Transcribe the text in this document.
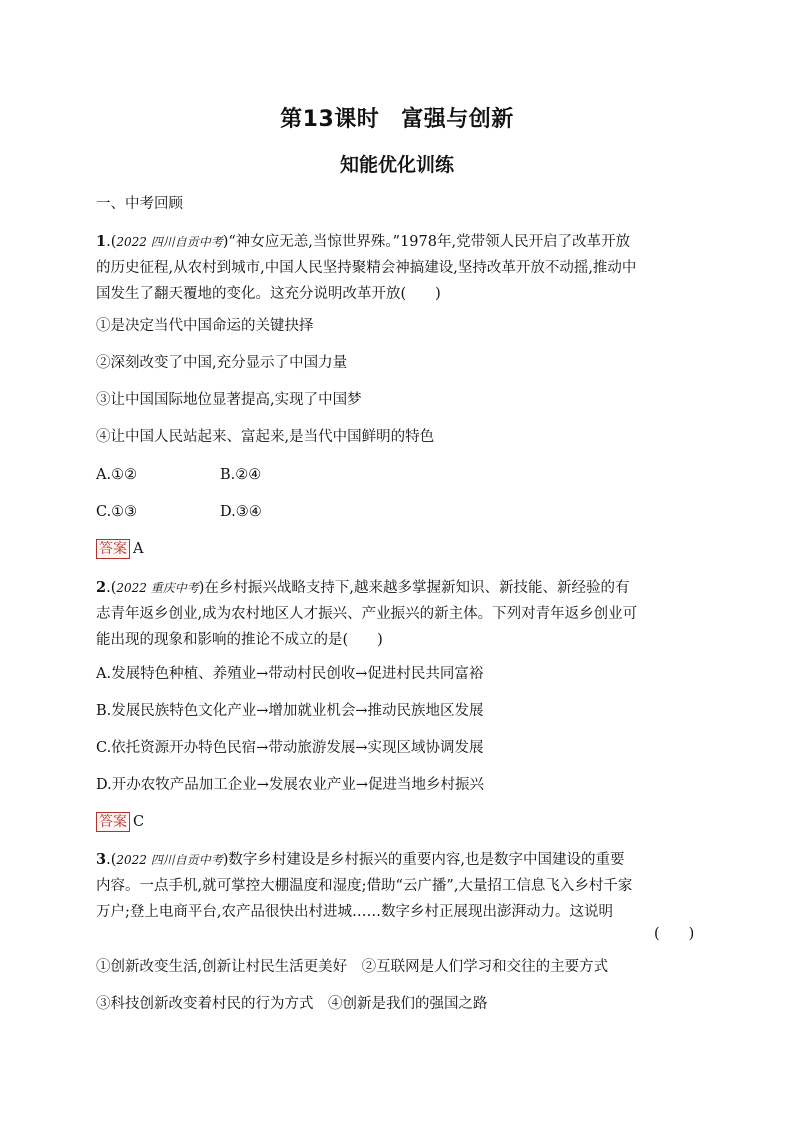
第13课时 富强与创新
知能优化训练
一、中考回顾
1.(2022 四川自贡中考)“神女应无恙,当惊世界殊。”1978年,党带领人民开启了改革开放
的历史征程,从农村到城市,中国人民坚持聚精会神搞建设,坚持改革开放不动摇,推动中
国发生了翻天覆地的变化。这充分说明改革开放(　　)
①是决定当代中国命运的关键抉择
②深刻改变了中国,充分显示了中国力量
③让中国国际地位显著提高,实现了中国梦
④让中国人民站起来、富起来,是当代中国鲜明的特色
A.①②	B.②④
C.①③	D.③④
答案 A
2.(2022 重庆中考)在乡村振兴战略支持下,越来越多掌握新知识、新技能、新经验的有
志青年返乡创业,成为农村地区人才振兴、产业振兴的新主体。下列对青年返乡创业可
能出现的现象和影响的推论不成立的是(　　)
A.发展特色种植、养殖业→带动村民创收→促进村民共同富裕
B.发展民族特色文化产业→增加就业机会→推动民族地区发展
C.依托资源开办特色民宿→带动旅游发展→实现区域协调发展
D.开办农牧产品加工企业→发展农业产业→促进当地乡村振兴
答案 C
3.(2022 四川自贡中考)数字乡村建设是乡村振兴的重要内容,也是数字中国建设的重要
内容。一点手机,就可掌控大棚温度和湿度;借助“云广播”,大量招工信息飞入乡村千家
万户;登上电商平台,农产品很快出村进城……数字乡村正展现出澎湃动力。这说明
(　　)
①创新改变生活,创新让村民生活更美好　②互联网是人们学习和交往的主要方式
③科技创新改变着村民的行为方式　④创新是我们的强国之路
